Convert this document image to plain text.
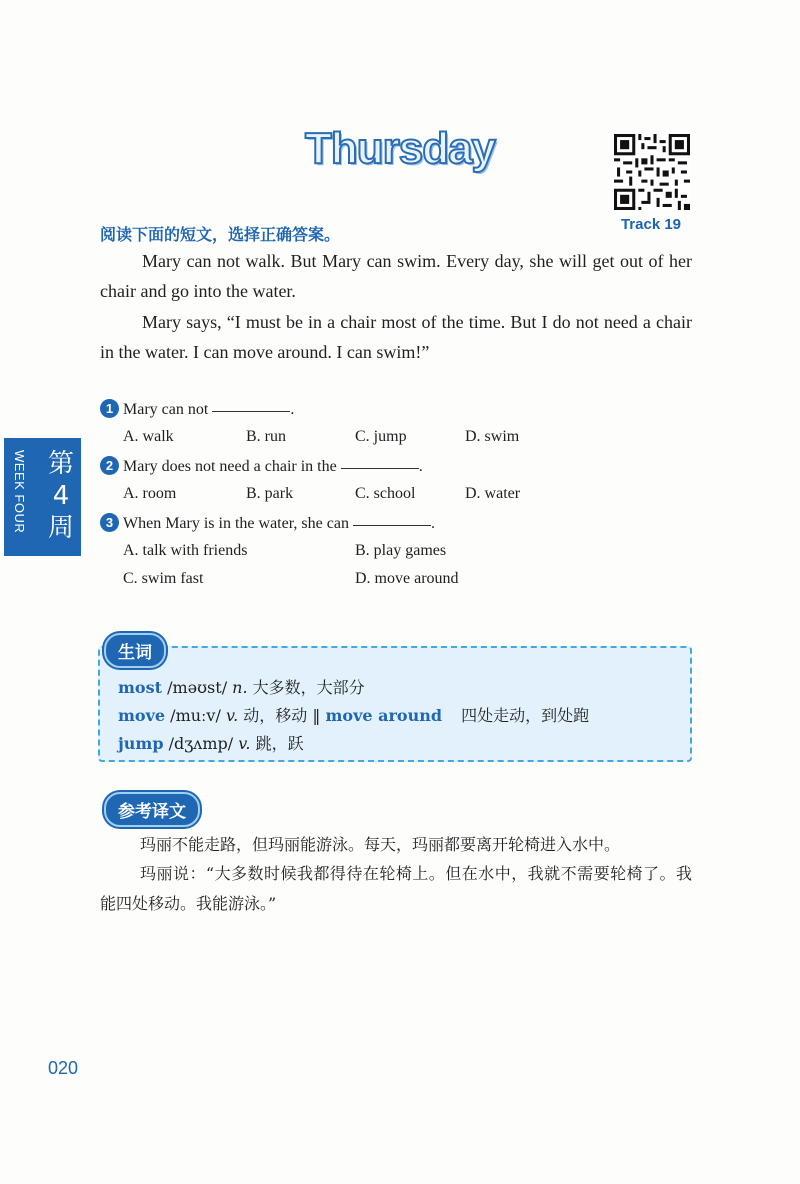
Thursday
Track 19
WEEK FOUR 第4周
阅读下面的短文，选择正确答案。
Mary can not walk. But Mary can swim. Every day, she will get out of her chair and go into the water.
Mary says, “I must be in a chair most of the time. But I do not need a chair in the water. I can move around. I can swim!”
1 Mary can not	.
A. walk	B. run	C. jump	D. swim
2 Mary does not need a chair in the	.
A. room	B. park	C. school	D. water
3 When Mary is in the water, she can	.
A. talk with friends	B. play games
C. swim fast	D. move around
生词
most /məʊst/ n. 大多数，大部分
move /muːv/ v. 动，移动 ‖ move around 四处走动，到处跑
jump /dʒʌmp/ v. 跳，跃
参考译文
玛丽不能走路，但玛丽能游泳。每天，玛丽都要离开轮椅进入水中。
玛丽说：“大多数时候我都得待在轮椅上。但在水中，我就不需要轮椅了。我能四处移动。我能游泳。”
020
